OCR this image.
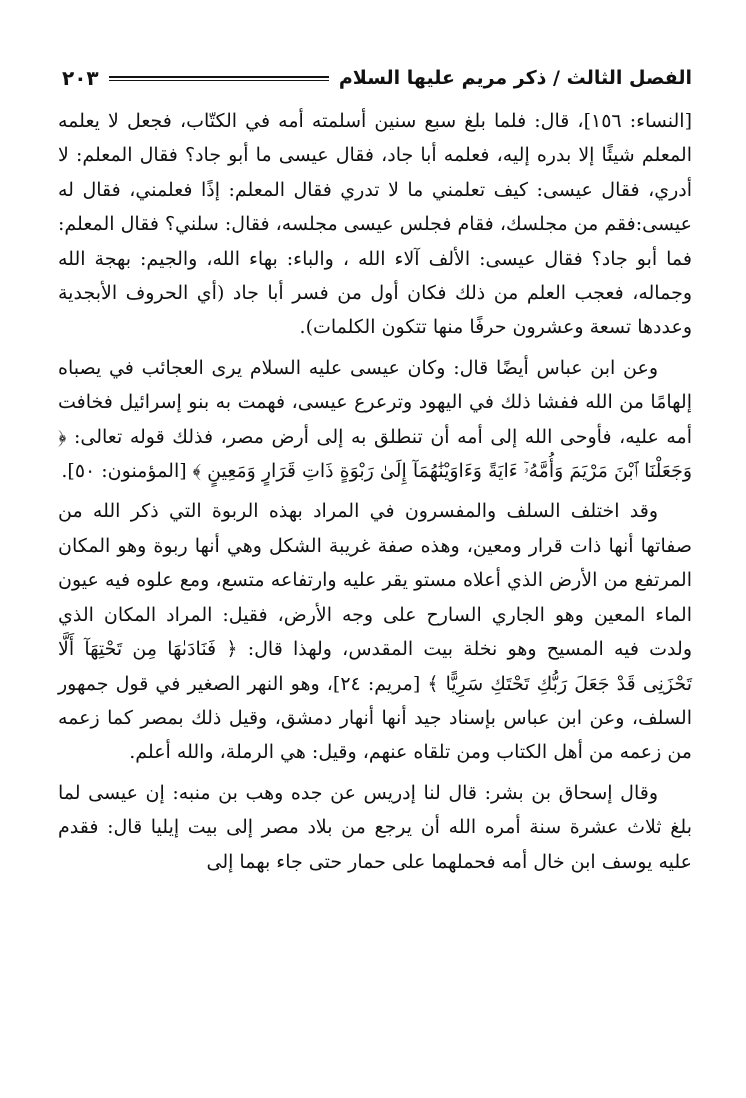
الفصل الثالث / ذكر مريم عليها السلام
٢٠٣

[النساء: ١٥٦]، قال: فلما بلغ سبع سنين أسلمته أمه في الكتّاب، فجعل لا يعلمه المعلم شيئًا إلا بدره إليه، فعلمه أبا جاد، فقال عيسى ما أبو جاد؟ فقال المعلم: لا أدري، فقال عيسى: كيف تعلمني ما لا تدري فقال المعلم: إذًا فعلمني، فقال له عيسى:فقم من مجلسك، فقام فجلس عيسى مجلسه، فقال: سلني؟ فقال المعلم: فما أبو جاد؟ فقال عيسى: الألف آلاء الله ، والباء: بهاء الله، والجيم: بهجة الله وجماله، فعجب العلم من ذلك فكان أول من فسر أبا جاد (أي الحروف الأبجدية وعددها تسعة وعشرون حرفًا منها تتكون الكلمات).

وعن ابن عباس أيضًا قال: وكان عيسى عليه السلام يرى العجائب في يصباه إلهامًا من الله ففشا ذلك في اليهود وترعرع عيسى، فهمت به بنو إسرائيل فخافت أمه عليه، فأوحى الله إلى أمه أن تنطلق به إلى أرض مصر، فذلك قوله تعالى: ﴿ وَجَعَلْنَا ٱبْنَ مَرْيَمَ وَأُمَّهُۥٓ ءَايَةً وَءَاوَيْنَٰهُمَآ إِلَىٰ رَبْوَةٍ ذَاتِ قَرَارٍ وَمَعِينٍ ﴾ [المؤمنون: ٥٠].

وقد اختلف السلف والمفسرون في المراد بهذه الربوة التي ذكر الله من صفاتها أنها ذات قرار ومعين، وهذه صفة غريبة الشكل وهي أنها ربوة وهو المكان المرتفع من الأرض الذي أعلاه مستو يقر عليه وارتفاعه متسع، ومع علوه فيه عيون الماء المعين وهو الجاري السارح على وجه الأرض، فقيل: المراد المكان الذي ولدت فيه المسيح وهو نخلة بيت المقدس، ولهذا قال: ﴿ فَنَادَىٰهَا مِن تَحْتِهَآ أَلَّا تَحْزَنِى قَدْ جَعَلَ رَبُّكِ تَحْتَكِ سَرِيًّا ﴾ [مريم: ٢٤]، وهو النهر الصغير في قول جمهور السلف، وعن ابن عباس بإسناد جيد أنها أنهار دمشق، وقيل ذلك بمصر كما زعمه من زعمه من أهل الكتاب ومن تلقاه عنهم، وقيل: هي الرملة، والله أعلم.

وقال إسحاق بن بشر: قال لنا إدريس عن جده وهب بن منبه: إن عيسى لما بلغ ثلاث عشرة سنة أمره الله أن يرجع من بلاد مصر إلى بيت إيليا قال: فقدم عليه يوسف ابن خال أمه فحملهما على حمار حتى جاء بهما إلى
